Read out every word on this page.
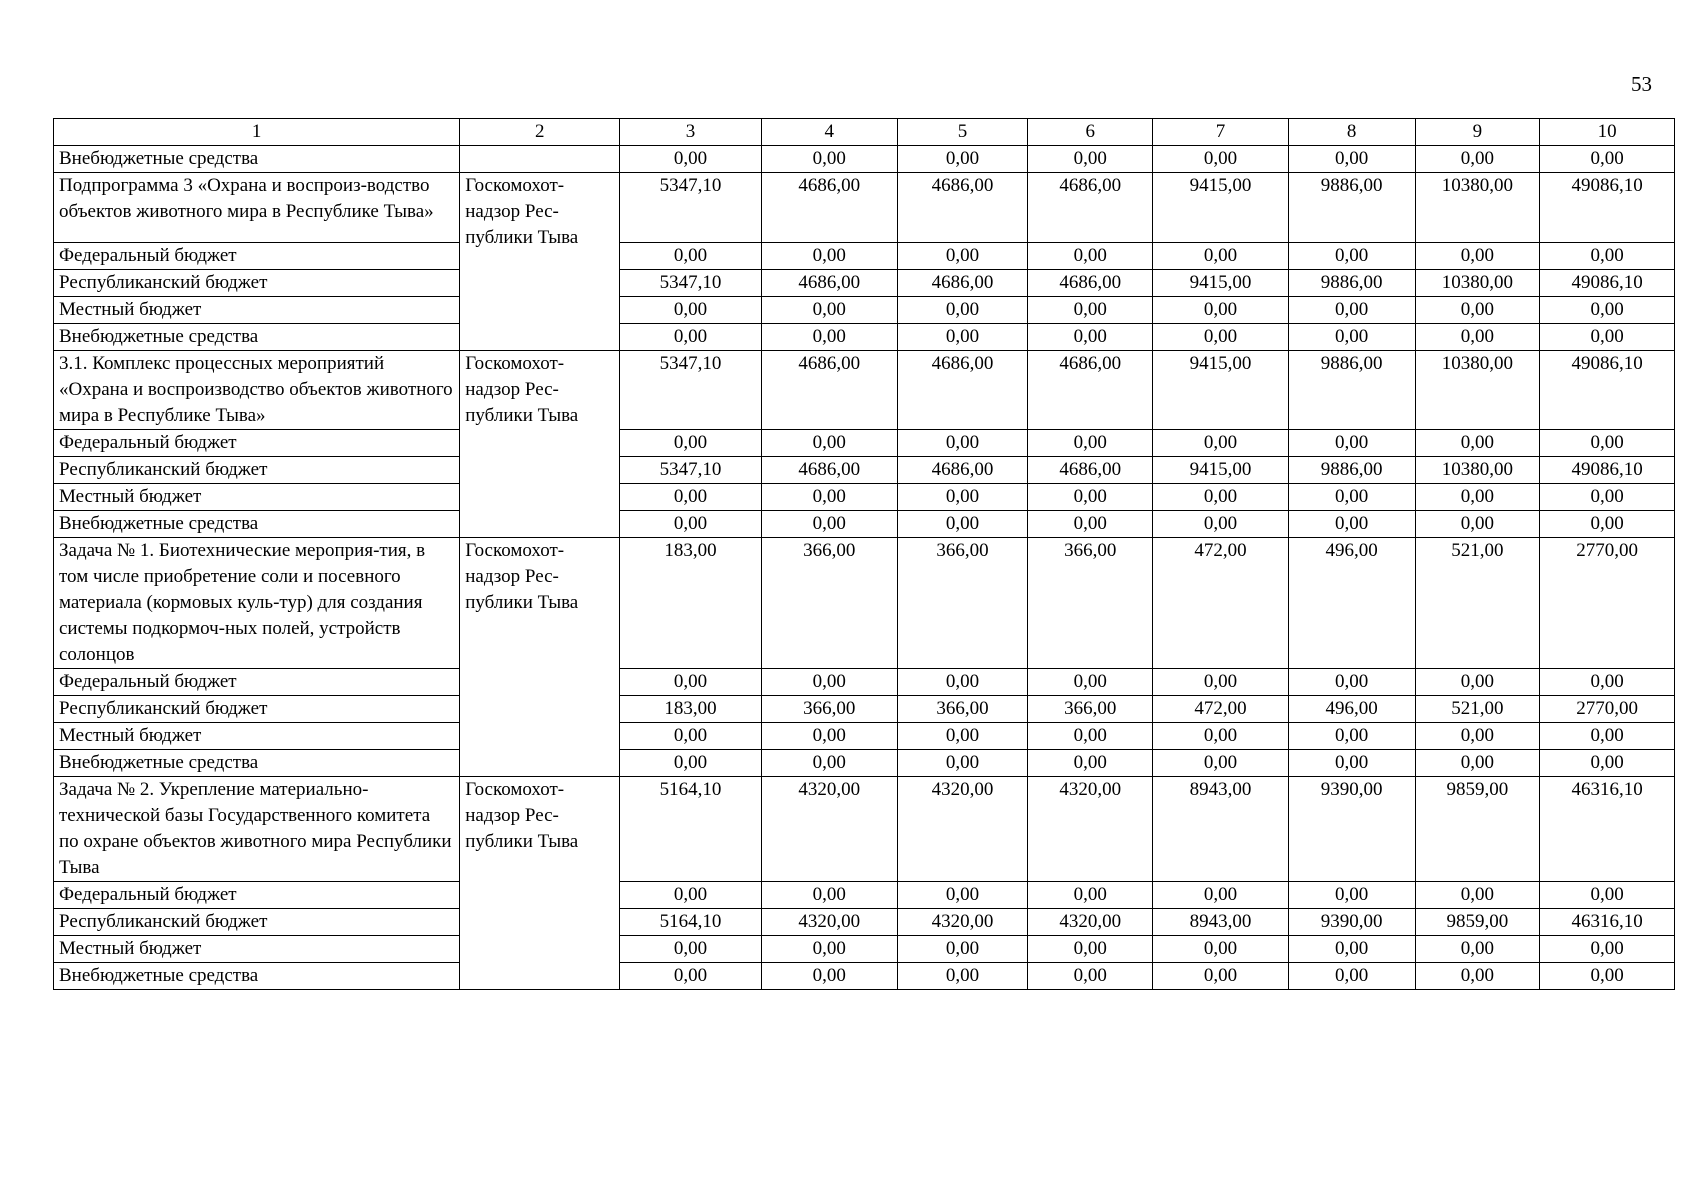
53
1	2	3	4	5	6	7	8	9	10
Внебюджетные средства		0,00	0,00	0,00	0,00	0,00	0,00	0,00	0,00
Подпрограмма 3 «Охрана и воспроиз-водство объектов животного мира в Республике Тыва»	Госкомохот-надзор Рес-публики Тыва	5347,10	4686,00	4686,00	4686,00	9415,00	9886,00	10380,00	49086,10
Федеральный бюджет		0,00	0,00	0,00	0,00	0,00	0,00	0,00	0,00
Республиканский бюджет		5347,10	4686,00	4686,00	4686,00	9415,00	9886,00	10380,00	49086,10
Местный бюджет		0,00	0,00	0,00	0,00	0,00	0,00	0,00	0,00
Внебюджетные средства		0,00	0,00	0,00	0,00	0,00	0,00	0,00	0,00
3.1. Комплекс процессных мероприятий «Охрана и воспроизводство объектов животного мира в Республике Тыва»	Госкомохот-надзор Рес-публики Тыва	5347,10	4686,00	4686,00	4686,00	9415,00	9886,00	10380,00	49086,10
Федеральный бюджет		0,00	0,00	0,00	0,00	0,00	0,00	0,00	0,00
Республиканский бюджет		5347,10	4686,00	4686,00	4686,00	9415,00	9886,00	10380,00	49086,10
Местный бюджет		0,00	0,00	0,00	0,00	0,00	0,00	0,00	0,00
Внебюджетные средства		0,00	0,00	0,00	0,00	0,00	0,00	0,00	0,00
Задача № 1. Биотехнические мероприя-тия, в том числе приобретение соли и посевного материала (кормовых куль-тур) для создания системы подкормоч-ных полей, устройств солонцов	Госкомохот-надзор Рес-публики Тыва	183,00	366,00	366,00	366,00	472,00	496,00	521,00	2770,00
Федеральный бюджет		0,00	0,00	0,00	0,00	0,00	0,00	0,00	0,00
Республиканский бюджет		183,00	366,00	366,00	366,00	472,00	496,00	521,00	2770,00
Местный бюджет		0,00	0,00	0,00	0,00	0,00	0,00	0,00	0,00
Внебюджетные средства		0,00	0,00	0,00	0,00	0,00	0,00	0,00	0,00
Задача № 2. Укрепление материально-технической базы Государственного комитета по охране объектов животного мира Республики Тыва	Госкомохот-надзор Рес-публики Тыва	5164,10	4320,00	4320,00	4320,00	8943,00	9390,00	9859,00	46316,10
Федеральный бюджет		0,00	0,00	0,00	0,00	0,00	0,00	0,00	0,00
Республиканский бюджет		5164,10	4320,00	4320,00	4320,00	8943,00	9390,00	9859,00	46316,10
Местный бюджет		0,00	0,00	0,00	0,00	0,00	0,00	0,00	0,00
Внебюджетные средства		0,00	0,00	0,00	0,00	0,00	0,00	0,00	0,00
